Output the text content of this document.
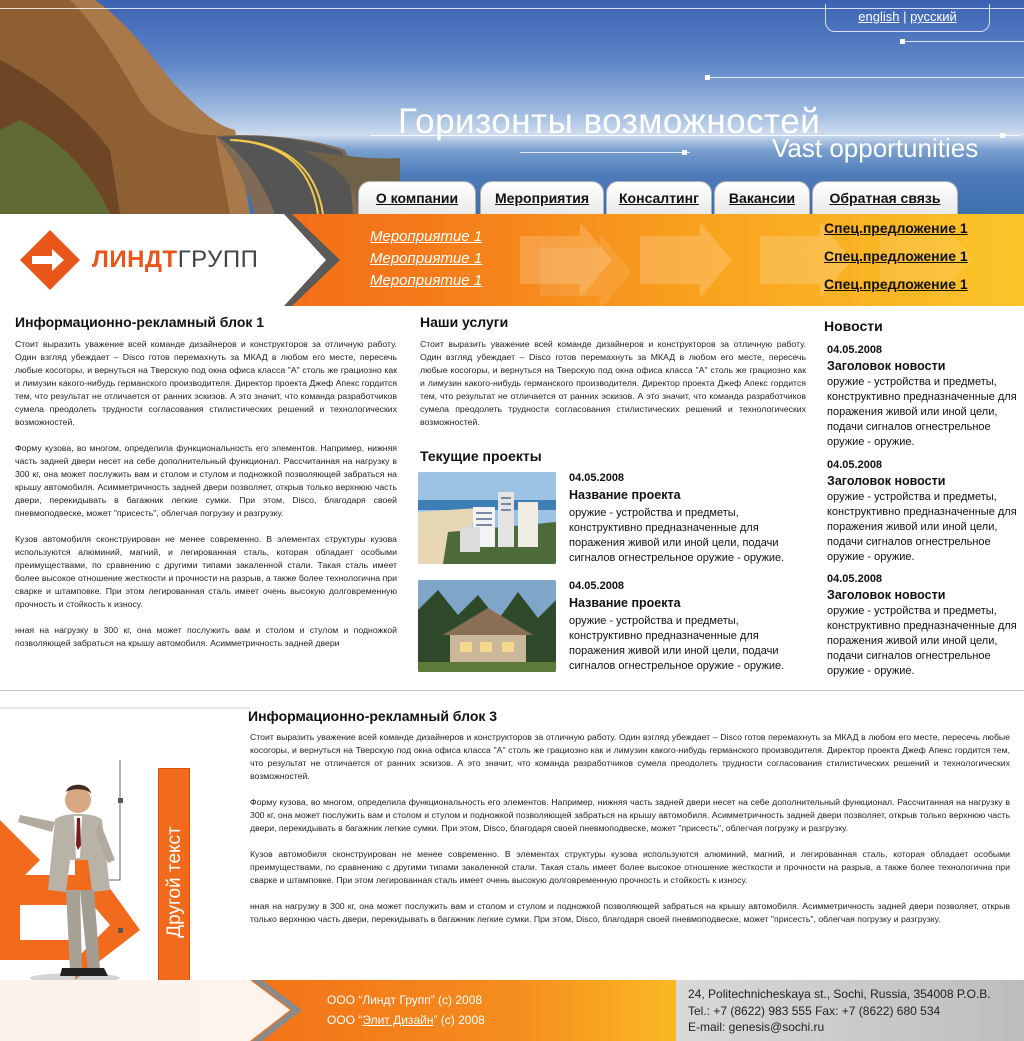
english | русский
Горизонты возможностей
Vast opportunities
О компании	Мероприятия	Консалтинг	Вакансии	Обратная связь
ЛИНДТГРУПП
Мероприятие 1
Мероприятие 1
Мероприятие 1
Спец.предложение 1
Спец.предложение 1
Спец.предложение 1
Информационно-рекламный блок 1

Стоит выразить уважение всей команде дизайнеров и конструкторов за отличную работу. Один взгляд убеждает – Disco готов перемахнуть за МКАД в любом его месте, пересечь любые косогоры, и вернуться на Тверскую под окна офиса класса "А" столь же грациозно как и лимузин какого-нибудь германского производителя. Директор проекта Джеф Апекс гордится тем, что результат не отличается от ранних эскизов. А это значит, что команда разработчиков сумела преодолеть трудности согласования стилистических решений и технологических возможностей.

Форму кузова, во многом, определила функциональность его элементов. Например, нижняя часть задней двери несет на себе дополнительный функционал. Рассчитанная на нагрузку в 300 кг, она может послужить вам и столом и стулом и подножкой позволяющей забраться на крышу автомобиля. Асимметричность задней двери позволяет, открыв только верхнюю часть двери, перекидывать в багажник легкие сумки. При этом, Disco, благодаря своей пневмоподвеске, может "присесть", облегчая погрузку и разгрузку.

Кузов автомобиля сконструирован не менее современно. В элементах структуры кузова используются алюминий, магний, и легированная сталь, которая обладает особыми преимуществами, по сравнению с другими типами закаленной стали. Такая сталь имеет более высокое отношение жесткости и прочности на разрыв, а также более технологична при сварке и штамповке. При этом легированная сталь имеет очень высокую долговременную прочность и стойкость к износу.

нная на нагрузку в 300 кг, она может послужить вам и столом и стулом и подножкой позволяющей забраться на крышу автомобиля. Асимметричность задней двери

Наши услуги

Стоит выразить уважение всей команде дизайнеров и конструкторов за отличную работу. Один взгляд убеждает – Disco готов перемахнуть за МКАД в любом его месте, пересечь любые косогоры, и вернуться на Тверскую под окна офиса класса "А" столь же грациозно как и лимузин какого-нибудь германского производителя. Директор проекта Джеф Апекс гордится тем, что результат не отличается от ранних эскизов. А это значит, что команда разработчиков сумела преодолеть трудности согласования стилистических решений и технологических возможностей.

Текущие проекты
04.05.2008
Название проекта
оружие - устройства и предметы, конструктивно предназначенные для поражения живой или иной цели, подачи сигналов огнестрельное оружие - оружие.
04.05.2008
Название проекта
оружие - устройства и предметы, конструктивно предназначенные для поражения живой или иной цели, подачи сигналов огнестрельное оружие - оружие.
Новости
04.05.2008
Заголовок новости
оружие - устройства и предметы, конструктивно предназначенные для поражения живой или иной цели, подачи сигналов огнестрельное оружие - оружие.
04.05.2008
Заголовок новости
оружие - устройства и предметы, конструктивно предназначенные для поражения живой или иной цели, подачи сигналов огнестрельное оружие - оружие.
04.05.2008
Заголовок новости
оружие - устройства и предметы, конструктивно предназначенные для поражения живой или иной цели, подачи сигналов огнестрельное оружие - оружие.
Другой текст
Информационно-рекламный блок 3

Стоит выразить уважение всей команде дизайнеров и конструкторов за отличную работу. Один взгляд убеждает – Disco готов перемахнуть за МКАД в любом его месте, пересечь любые косогоры, и вернуться на Тверскую под окна офиса класса "А" столь же грациозно как и лимузин какого-нибудь германского производителя. Директор проекта Джеф Апекс гордится тем, что результат не отличается от ранних эскизов. А это значит, что команда разработчиков сумела преодолеть трудности согласования стилистических решений и технологических возможностей.

Форму кузова, во многом, определила функциональность его элементов. Например, нижняя часть задней двери несет на себе дополнительный функционал. Рассчитанная на нагрузку в 300 кг, она может послужить вам и столом и стулом и подножкой позволяющей забраться на крышу автомобиля. Асимметричность задней двери позволяет, открыв только верхнюю часть двери, перекидывать в багажник легкие сумки. При этом, Disco, благодаря своей пневмоподвеске, может "присесть", облегчая погрузку и разгрузку.

Кузов автомобиля сконструирован не менее современно. В элементах структуры кузова используются алюминий, магний, и легированная сталь, которая обладает особыми преимуществами, по сравнению с другими типами закаленной стали. Такая сталь имеет более высокое отношение жесткости и прочности на разрыв, а также более технологична при сварке и штамповке. При этом легированная сталь имеет очень высокую долговременную прочность и стойкость к износу.

нная на нагрузку в 300 кг, она может послужить вам и столом и стулом и подножкой позволяющей забраться на крышу автомобиля. Асимметричность задней двери позволяет, открыв только верхнюю часть двери, перекидывать в багажник легкие сумки. При этом, Disco, благодаря своей пневмоподвеске, может "присесть", облегчая погрузку и разгрузку.

ООО “Линдт Групп” (с) 2008
ООО “Элит Дизайн” (с) 2008
24, Politechnicheskaya st., Sochi, Russia, 354008 P.O.B.
Tel.: +7 (8622) 983 555 Fax: +7 (8622) 680 534
E-mail: genesis@sochi.ru
